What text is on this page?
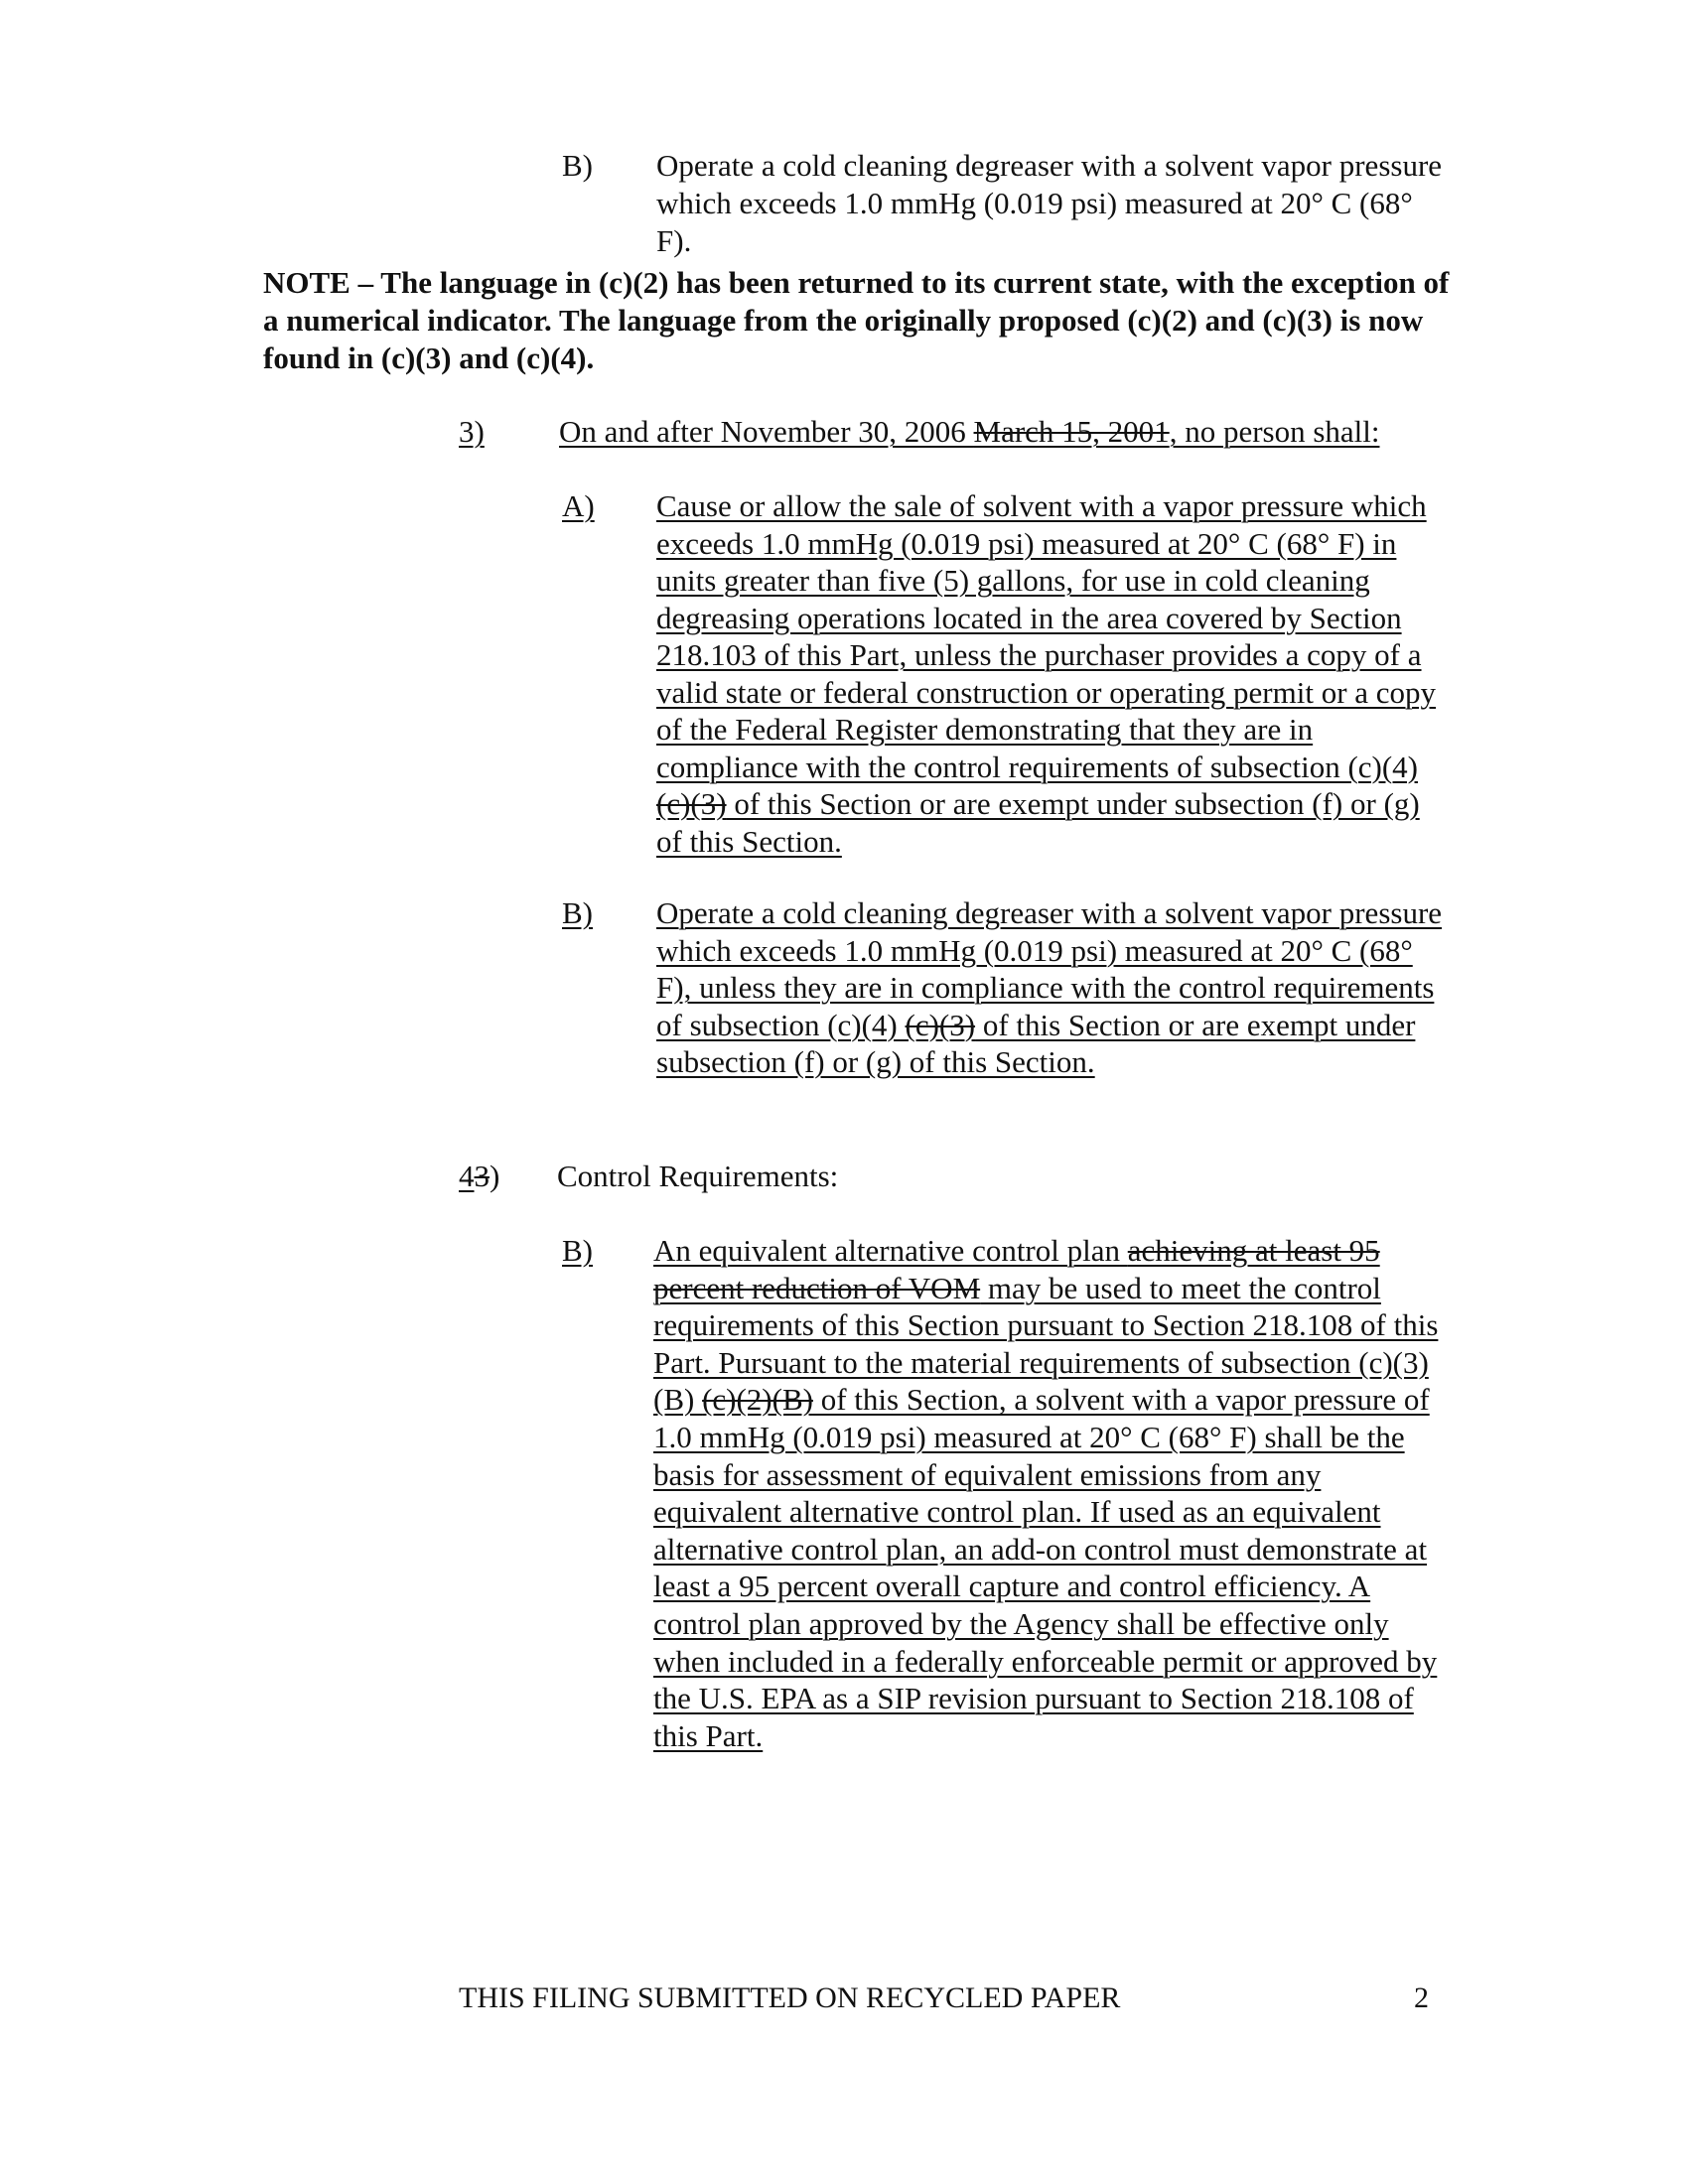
B) Operate a cold cleaning degreaser with a solvent vapor pressure which exceeds 1.0 mmHg (0.019 psi) measured at 20° C (68° F).
NOTE – The language in (c)(2) has been returned to its current state, with the exception of a numerical indicator. The language from the originally proposed (c)(2) and (c)(3) is now found in (c)(3) and (c)(4).
3) On and after November 30, 2006 March 15, 2001, no person shall:
A) Cause or allow the sale of solvent with a vapor pressure which exceeds 1.0 mmHg (0.019 psi) measured at 20° C (68° F) in units greater than five (5) gallons, for use in cold cleaning degreasing operations located in the area covered by Section 218.103 of this Part, unless the purchaser provides a copy of a valid state or federal construction or operating permit or a copy of the Federal Register demonstrating that they are in compliance with the control requirements of subsection (c)(4) (c)(3) of this Section or are exempt under subsection (f) or (g) of this Section.
B) Operate a cold cleaning degreaser with a solvent vapor pressure which exceeds 1.0 mmHg (0.019 psi) measured at 20° C (68° F), unless they are in compliance with the control requirements of subsection (c)(4) (c)(3) of this Section or are exempt under subsection (f) or (g) of this Section.
43) Control Requirements:
B) An equivalent alternative control plan achieving at least 95 percent reduction of VOM may be used to meet the control requirements of this Section pursuant to Section 218.108 of this Part. Pursuant to the material requirements of subsection (c)(3)(B) (c)(2)(B) of this Section, a solvent with a vapor pressure of 1.0 mmHg (0.019 psi) measured at 20° C (68° F) shall be the basis for assessment of equivalent emissions from any equivalent alternative control plan. If used as an equivalent alternative control plan, an add-on control must demonstrate at least a 95 percent overall capture and control efficiency. A control plan approved by the Agency shall be effective only when included in a federally enforceable permit or approved by the U.S. EPA as a SIP revision pursuant to Section 218.108 of this Part.
THIS FILING SUBMITTED ON RECYCLED PAPER	2
